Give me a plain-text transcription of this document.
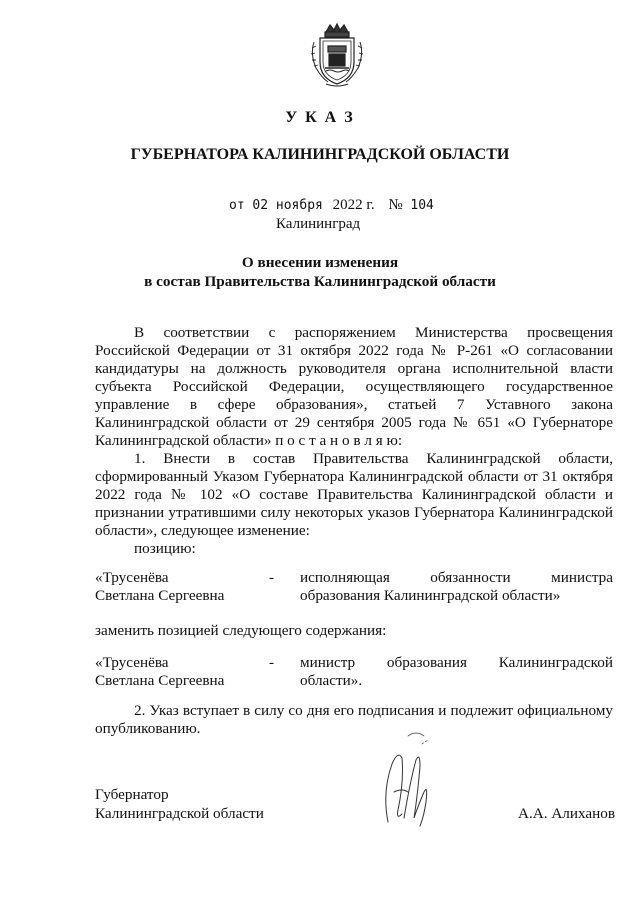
У К А З
ГУБЕРНАТОРА КАЛИНИНГРАДСКОЙ ОБЛАСТИ
от 02 ноября 2022 г. № 104
Калининград
О внесении изменения
в состав Правительства Калининградской области
В соответствии с распоряжением Министерства просвещения
Российской Федерации от 31 октября 2022 года № Р-261 «О согласовании
кандидатуры на должность руководителя органа исполнительной власти
субъекта Российской Федерации, осуществляющего государственное
управление в сфере образования», статьей 7 Уставного закона
Калининградской области от 29 сентября 2005 года № 651 «О Губернаторе
Калининградской области» п о с т а н о в л я ю:
1. Внести в состав Правительства Калининградской области,
сформированный Указом Губернатора Калининградской области от 31 октября
2022 года № 102 «О составе Правительства Калининградской области и
признании утратившими силу некоторых указов Губернатора Калининградской
области», следующее изменение:
позицию:
«Трусенёва
Светлана Сергеевна
- исполняющая обязанности министра
образования Калининградской области»
заменить позицией следующего содержания:
«Трусенёва
Светлана Сергеевна
- министр образования Калининградской
области».
2. Указ вступает в силу со дня его подписания и подлежит официальному
опубликованию.
Губернатор
Калининградской области	А.А. Алиханов
